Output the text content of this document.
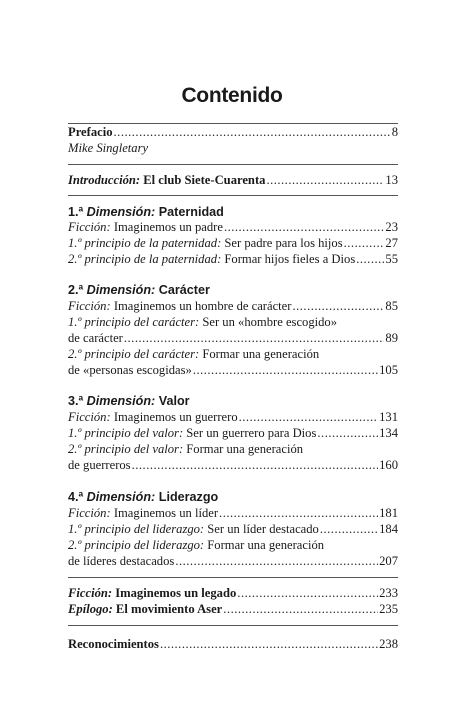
Contenido
Prefacio .....	8
Mike Singletary
Introducción: El club Siete-Cuarenta .....	13
1.ª Dimensión: Paternidad
Ficción: Imaginemos un padre .....	23
1.º principio de la paternidad: Ser padre para los hijos .....	27
2.º principio de la paternidad: Formar hijos fieles a Dios ..... 55
2.ª Dimensión: Carácter
Ficción: Imaginemos un hombre de carácter .....	85
1.º principio del carácter: Ser un «hombre escogido»
de carácter .....	89
2.º principio del carácter: Formar una generación
de «personas escogidas» .....	105
3.ª Dimensión: Valor
Ficción: Imaginemos un guerrero .....	131
1.º principio del valor: Ser un guerrero para Dios .....	134
2.º principio del valor: Formar una generación
de guerreros .....	160
4.ª Dimensión: Liderazgo
Ficción: Imaginemos un líder .....	181
1.º principio del liderazgo: Ser un líder destacado .....	184
2.º principio del liderazgo: Formar una generación
de líderes destacados .....	207
Ficción: Imaginemos un legado .....	233
Epílogo: El movimiento Aser .....	235
Reconocimientos .....	238
